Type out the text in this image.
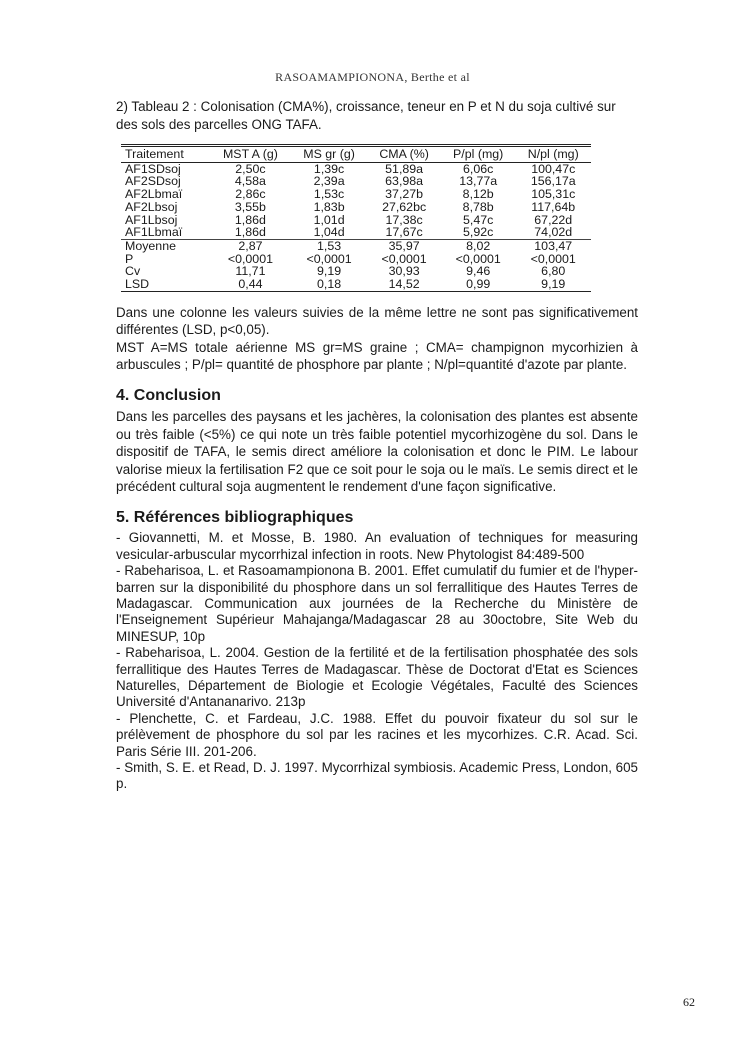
RASOAMAMPIONONA, Berthe et al

2) Tableau 2 : Colonisation (CMA%), croissance, teneur en P et N du soja cultivé sur des sols des parcelles ONG TAFA.

Traitement	MST A (g)	MS gr (g)	CMA (%)	P/pl (mg)	N/pl (mg)
AF1SDsoj	2,50c	1,39c	51,89a	6,06c	100,47c
AF2SDsoj	4,58a	2,39a	63,98a	13,77a	156,17a
AF2Lbmaï	2,86c	1,53c	37,27b	8,12b	105,31c
AF2Lbsoj	3,55b	1,83b	27,62bc	8,78b	117,64b
AF1Lbsoj	1,86d	1,01d	17,38c	5,47c	67,22d
AF1Lbmaï	1,86d	1,04d	17,67c	5,92c	74,02d
Moyenne	2,87	1,53	35,97	8,02	103,47
P	<0,0001	<0,0001	<0,0001	<0,0001	<0,0001
Cv	11,71	9,19	30,93	9,46	6,80
LSD	0,44	0,18	14,52	0,99	9,19

Dans une colonne les valeurs suivies de la même lettre ne sont pas significativement différentes (LSD, p<0,05).

MST A=MS totale aérienne MS gr=MS graine ; CMA= champignon mycorhizien à arbuscules ; P/pl= quantité de phosphore par plante ; N/pl=quantité d'azote par plante.

4. Conclusion

Dans les parcelles des paysans et les jachères, la colonisation des plantes est absente ou très faible (<5%) ce qui note un très faible potentiel mycorhizogène du sol. Dans le dispositif de TAFA, le semis direct améliore la colonisation et donc le PIM. Le labour valorise mieux la fertilisation F2 que ce soit pour le soja ou le maïs. Le semis direct et le précédent cultural soja augmentent le rendement d'une façon significative.

5. Références bibliographiques
- Giovannetti, M. et Mosse, B. 1980. An evaluation of techniques for measuring vesicular-arbuscular mycorrhizal infection in roots. New Phytologist 84:489-500
- Rabeharisoa, L. et Rasoamampionona B. 2001. Effet cumulatif du fumier et de l'hyper-barren sur la disponibilité du phosphore dans un sol ferrallitique des Hautes Terres de Madagascar. Communication aux journées de la Recherche du Ministère de l'Enseignement Supérieur Mahajanga/Madagascar 28 au 30octobre, Site Web du MINESUP, 10p
- Rabeharisoa, L. 2004. Gestion de la fertilité et de la fertilisation phosphatée des sols ferrallitique des Hautes Terres de Madagascar. Thèse de Doctorat d'Etat es Sciences Naturelles, Département de Biologie et Ecologie Végétales, Faculté des Sciences Université d'Antananarivo. 213p
- Plenchette, C. et Fardeau, J.C. 1988. Effet du pouvoir fixateur du sol sur le prélèvement de phosphore du sol par les racines et les mycorhizes. C.R. Acad. Sci. Paris Série III. 201-206.
- Smith, S. E. et Read, D. J. 1997. Mycorrhizal symbiosis. Academic Press, London, 605 p.
62
